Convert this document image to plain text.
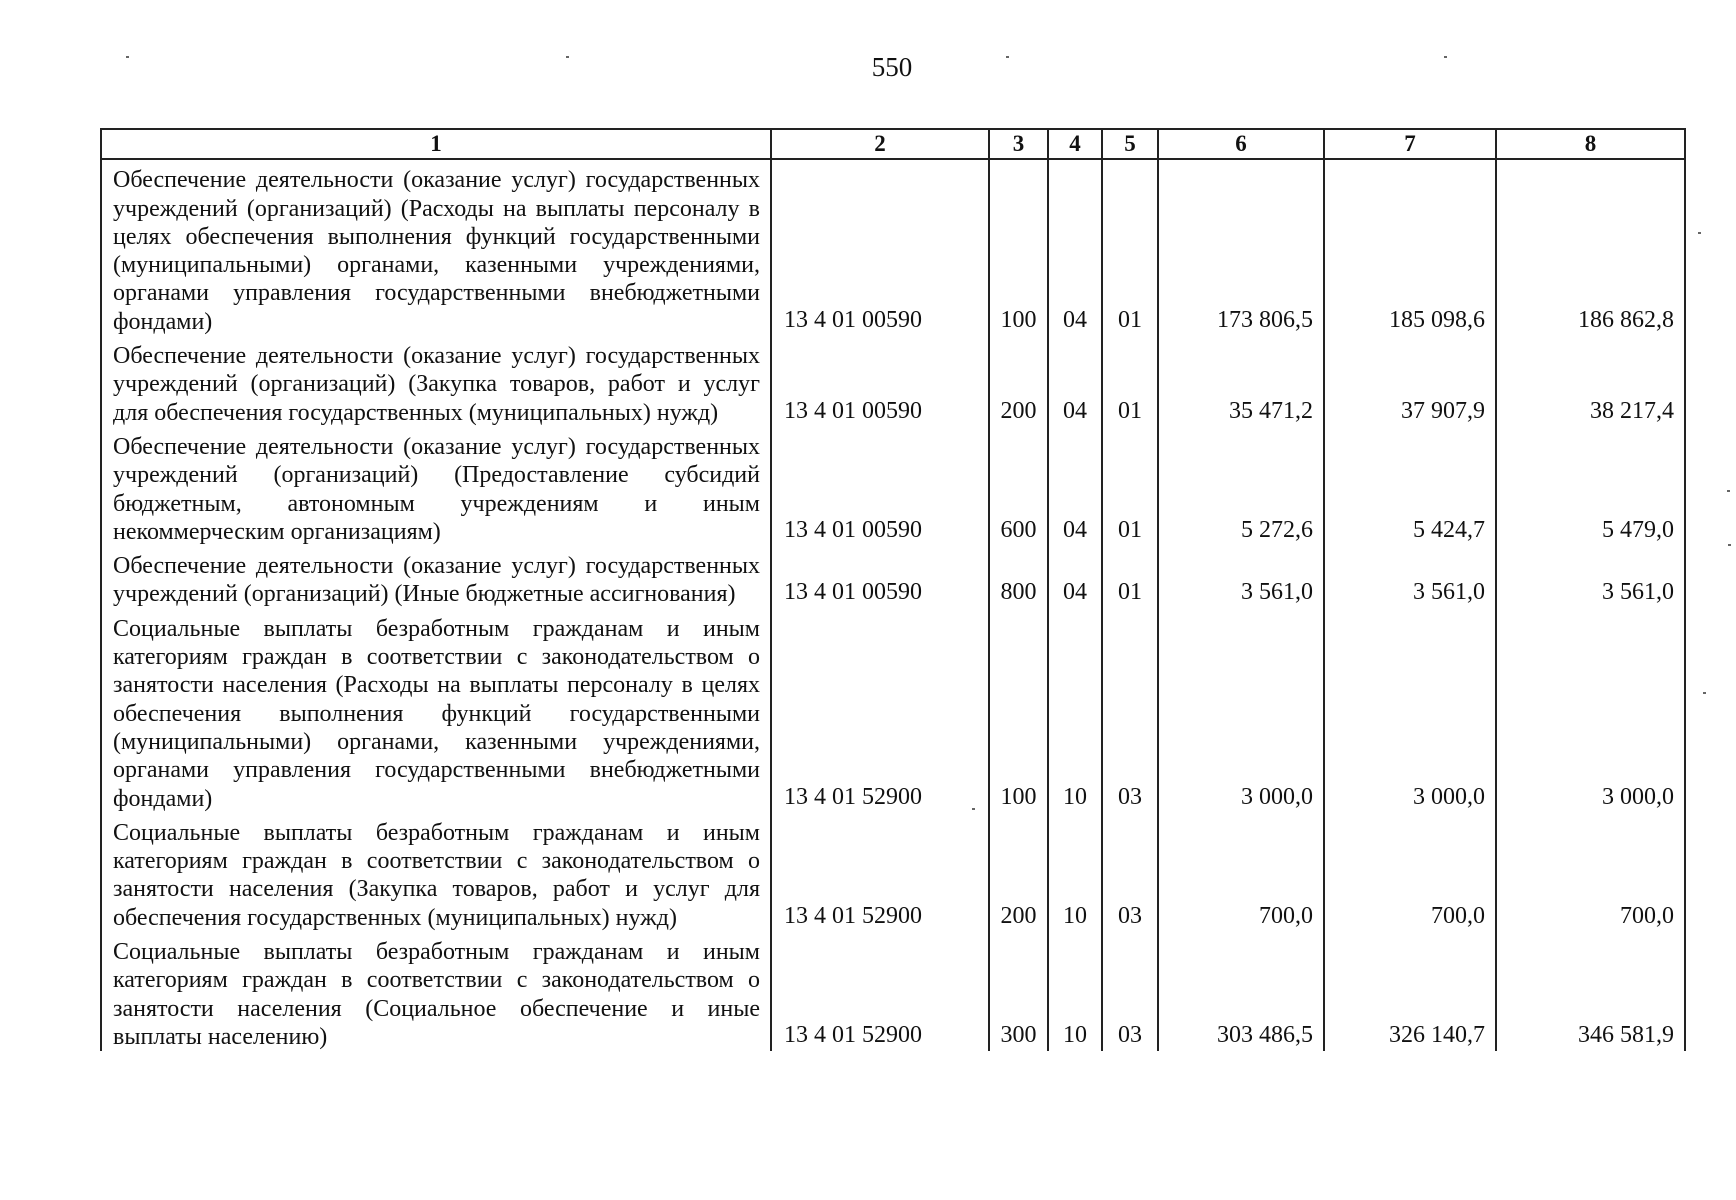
550
1	2	3	4	5	6	7	8
Обеспечение деятельности (оказание услуг) государственных учреждений (организаций) (Расходы на выплаты персоналу в целях обеспечения выполнения функций государственными (муниципальными) органами, казенными учреждениями, органами управления государственными внебюджетными фондами)	13 4 01 00590	100	04	01	173 806,5	185 098,6	186 862,8
Обеспечение деятельности (оказание услуг) государственных учреждений (организаций) (Закупка товаров, работ и услуг для обеспечения государственных (муниципальных) нужд)	13 4 01 00590	200	04	01	35 471,2	37 907,9	38 217,4
Обеспечение деятельности (оказание услуг) государственных учреждений (организаций) (Предоставление субсидий бюджетным, автономным учреждениям и иным некоммерческим организациям)	13 4 01 00590	600	04	01	5 272,6	5 424,7	5 479,0
Обеспечение деятельности (оказание услуг) государственных учреждений (организаций) (Иные бюджетные ассигнования)	13 4 01 00590	800	04	01	3 561,0	3 561,0	3 561,0
Социальные выплаты безработным гражданам и иным категориям граждан в соответствии с законодательством о занятости населения (Расходы на выплаты персоналу в целях обеспечения выполнения функций государственными (муниципальными) органами, казенными учреждениями, органами управления государственными внебюджетными фондами)	13 4 01 52900	100	10	03	3 000,0	3 000,0	3 000,0
Социальные выплаты безработным гражданам и иным категориям граждан в соответствии с законодательством о занятости населения (Закупка товаров, работ и услуг для обеспечения государственных (муниципальных) нужд)	13 4 01 52900	200	10	03	700,0	700,0	700,0
Социальные выплаты безработным гражданам и иным категориям граждан в соответствии с законодательством о занятости населения (Социальное обеспечение и иные выплаты населению)	13 4 01 52900	300	10	03	303 486,5	326 140,7	346 581,9
